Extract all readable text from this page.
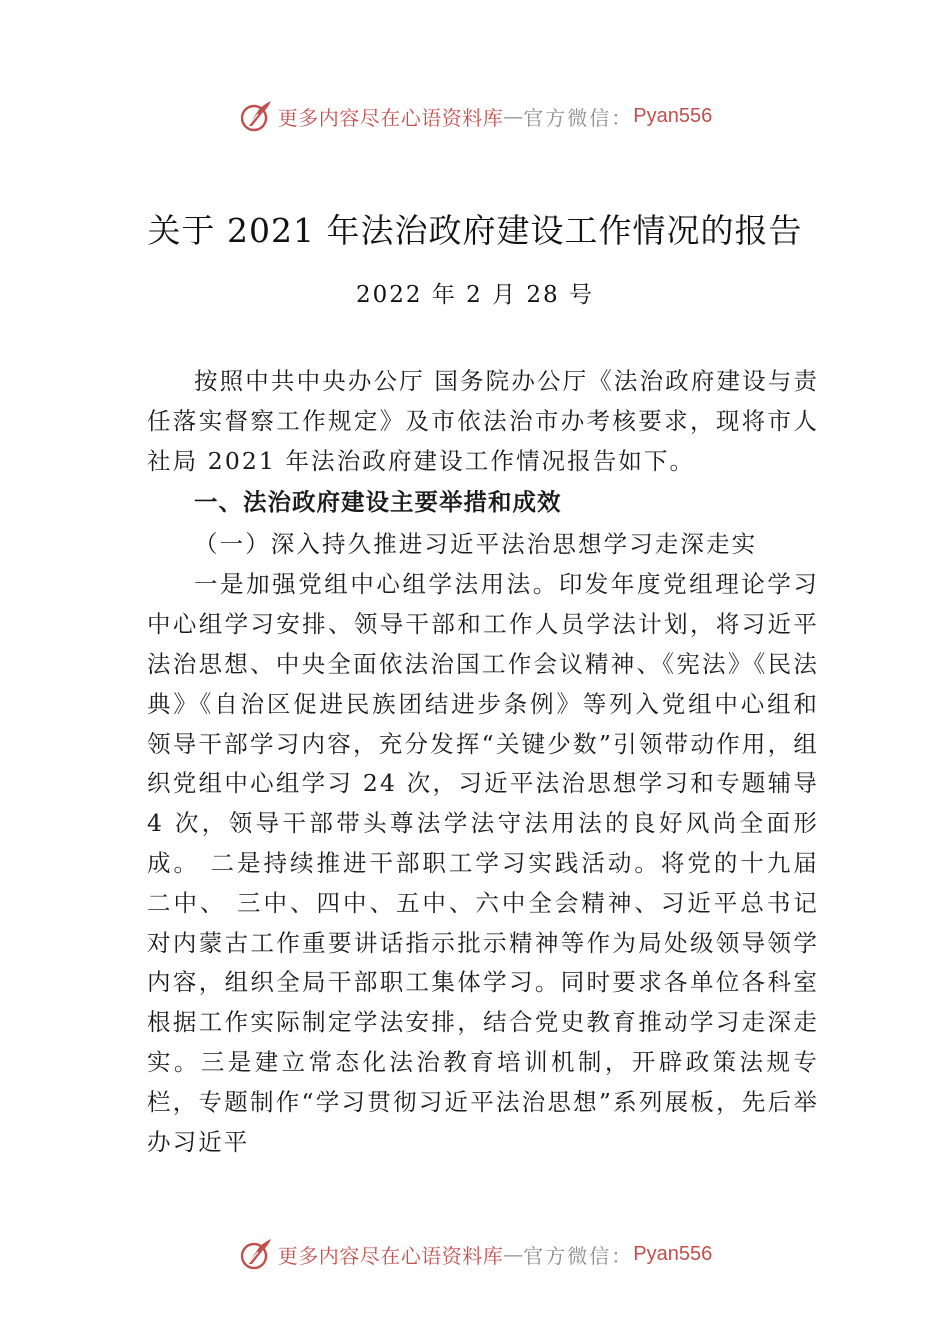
更多内容尽在心语资料库 — 官方微信： Pyan556
关于 2021 年法治政府建设工作情况的报告
2022 年 2 月 28 号

按照中共中央办公厅 国务院办公厅《法治政府建设与责任落实督察工作规定》及市依法治市办考核要求，现将市人社局 2021 年法治政府建设工作情况报告如下。

一、法治政府建设主要举措和成效
（一）深入持久推进习近平法治思想学习走深走实

一是加强党组中心组学法用法。印发年度党组理论学习中心组学习安排、领导干部和工作人员学法计划，将习近平法治思想、中央全面依法治国工作会议精神、《宪法》《民法典》《自治区促进民族团结进步条例》等列入党组中心组和领导干部学习内容，充分发挥“关键少数”引领带动作用，组织党组中心组学习 24 次，习近平法治思想学习和专题辅导 4 次，领导干部带头尊法学法守法用法的良好风尚全面形成。 二是持续推进干部职工学习实践活动。将党的十九届二中、 三中、四中、五中、六中全会精神、习近平总书记对内蒙古工作重要讲话指示批示精神等作为局处级领导领学内容，组织全局干部职工集体学习。同时要求各单位各科室根据工作实际制定学法安排，结合党史教育推动学习走深走实。三是建立常态化法治教育培训机制，开辟政策法规专栏，专题制作“学习贯彻习近平法治思想”系列展板，先后举办习近平

更多内容尽在心语资料库 — 官方微信： Pyan556
